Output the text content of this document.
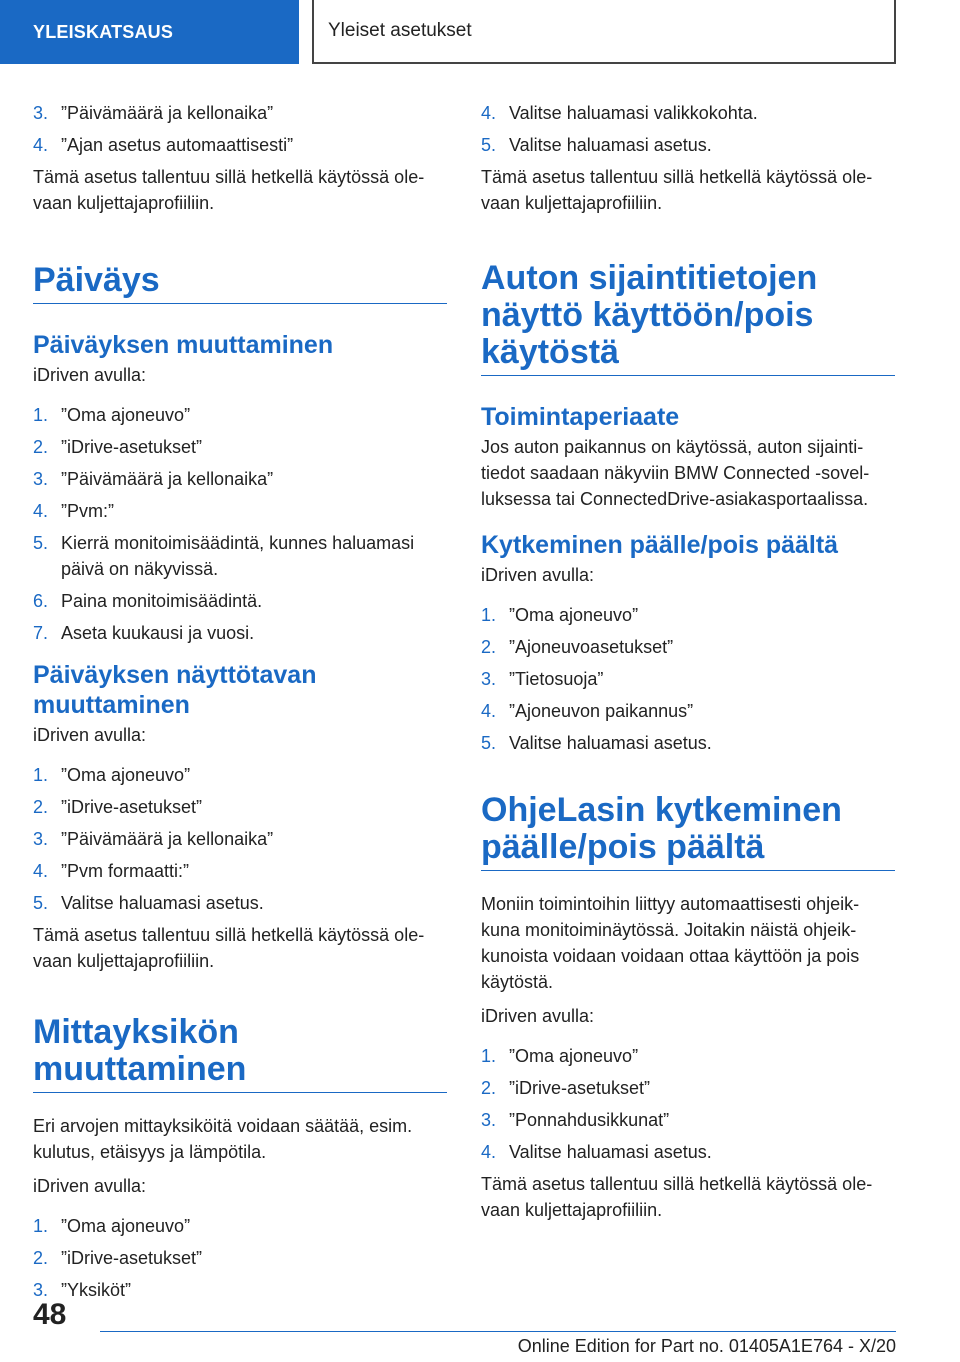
YLEISKATSAUS	Yleiset asetukset
3. ”Päivämäärä ja kellonaika”
4. ”Ajan asetus automaattisesti”

Tämä asetus tallentuu sillä hetkellä käytössä ole-vaan kuljettajaprofiiliin.

Päiväys
Päiväyksen muuttaminen

iDriven avulla:

1. ”Oma ajoneuvo”
2. ”iDrive-asetukset”
3. ”Päivämäärä ja kellonaika”
4. ”Pvm:”
5. Kierrä monitoimisäädintä, kunnes haluamasi päivä on näkyvissä.
6. Paina monitoimisäädintä.
7. Aseta kuukausi ja vuosi.
Päiväyksen näyttötavan muuttaminen

iDriven avulla:

1. ”Oma ajoneuvo”
2. ”iDrive-asetukset”
3. ”Päivämäärä ja kellonaika”
4. ”Pvm formaatti:”
5. Valitse haluamasi asetus.

Tämä asetus tallentuu sillä hetkellä käytössä ole-vaan kuljettajaprofiiliin.

Mittayksikön muuttaminen

Eri arvojen mittayksiköitä voidaan säätää, esim. kulutus, etäisyys ja lämpötila.

iDriven avulla:

1. ”Oma ajoneuvo”
2. ”iDrive-asetukset”
3. ”Yksiköt”
4. Valitse haluamasi valikkokohta.
5. Valitse haluamasi asetus.

Tämä asetus tallentuu sillä hetkellä käytössä ole-vaan kuljettajaprofiiliin.

Auton sijaintitietojen näyttö käyttöön/pois käytöstä
Toimintaperiaate

Jos auton paikannus on käytössä, auton sijainti-tiedot saadaan näkyviin BMW Connected -sovel-luksessa tai ConnectedDrive-asiakasportaalissa.

Kytkeminen päälle/pois päältä

iDriven avulla:

1. ”Oma ajoneuvo”
2. ”Ajoneuvoasetukset”
3. ”Tietosuoja”
4. ”Ajoneuvon paikannus”
5. Valitse haluamasi asetus.
OhjeLasin kytkeminen päälle/pois päältä

Moniin toimintoihin liittyy automaattisesti ohjeik-kuna monitoiminäytössä. Joitakin näistä ohjeik-kunoista voidaan voidaan ottaa käyttöön ja pois käytöstä.

iDriven avulla:

1. ”Oma ajoneuvo”
2. ”iDrive-asetukset”
3. ”Ponnahdusikkunat”
4. Valitse haluamasi asetus.

Tämä asetus tallentuu sillä hetkellä käytössä ole-vaan kuljettajaprofiiliin.

48
Online Edition for Part no. 01405A1E764 - X/20
